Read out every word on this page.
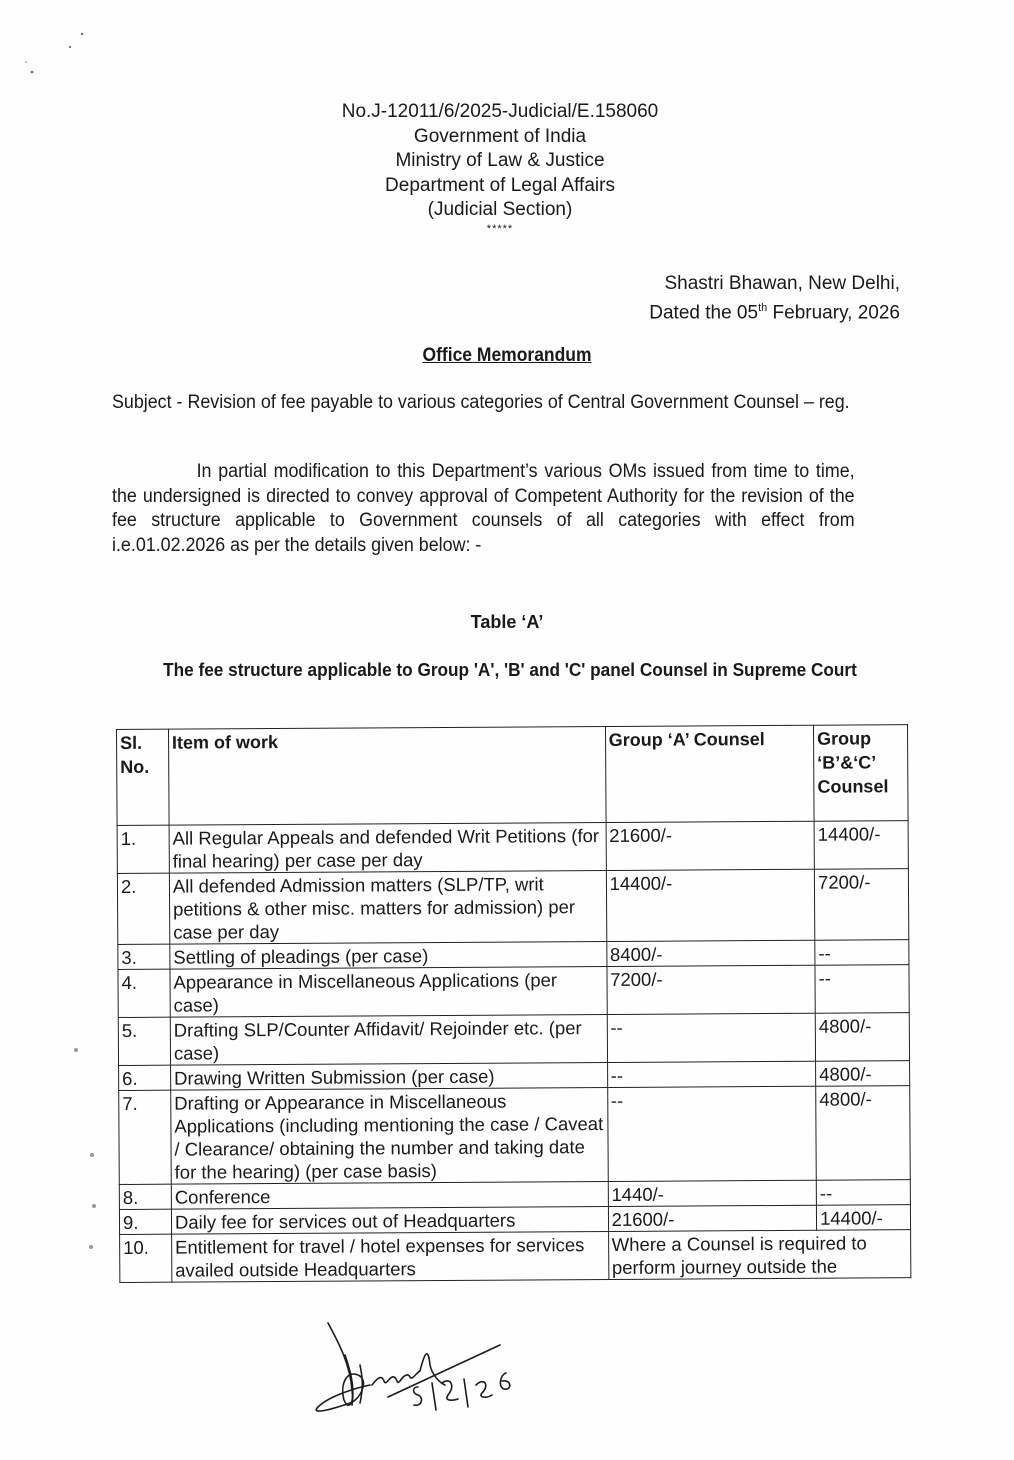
No.J-12011/6/2025-Judicial/E.158060
Government of India
Ministry of Law & Justice
Department of Legal Affairs
(Judicial Section)
*****
Shastri Bhawan, New Delhi,
Dated the 05th February, 2026
Office Memorandum
Subject - Revision of fee payable to various categories of Central Government Counsel – reg.
In partial modification to this Department’s various OMs issued from time to time, the undersigned is directed to convey approval of Competent Authority for the revision of the fee structure applicable to Government counsels of all categories with effect from i.e.01.02.2026 as per the details given below: -
Table ‘A’
The fee structure applicable to Group 'A', 'B' and 'C' panel Counsel in Supreme Court
Sl. No.	Item of work	Group ‘A’ Counsel	Group ‘B’&‘C’ Counsel
1.	All Regular Appeals and defended Writ Petitions (for final hearing) per case per day	21600/-	14400/-
2.	All defended Admission matters (SLP/TP, writ petitions & other misc. matters for admission) per case per day	14400/-	7200/-
3.	Settling of pleadings (per case)	8400/-	--
4.	Appearance in Miscellaneous Applications (per case)	7200/-	--
5.	Drafting SLP/Counter Affidavit/ Rejoinder etc. (per case)	--	4800/-
6.	Drawing Written Submission (per case)	--	4800/-
7.	Drafting or Appearance in Miscellaneous Applications (including mentioning the case / Caveat / Clearance/ obtaining the number and taking date for the hearing) (per case basis)	--	4800/-
8.	Conference	1440/-	--
9.	Daily fee for services out of Headquarters	21600/-	14400/-
10.	Entitlement for travel / hotel expenses for services availed outside Headquarters	Where a Counsel is required to perform journey outside the	
